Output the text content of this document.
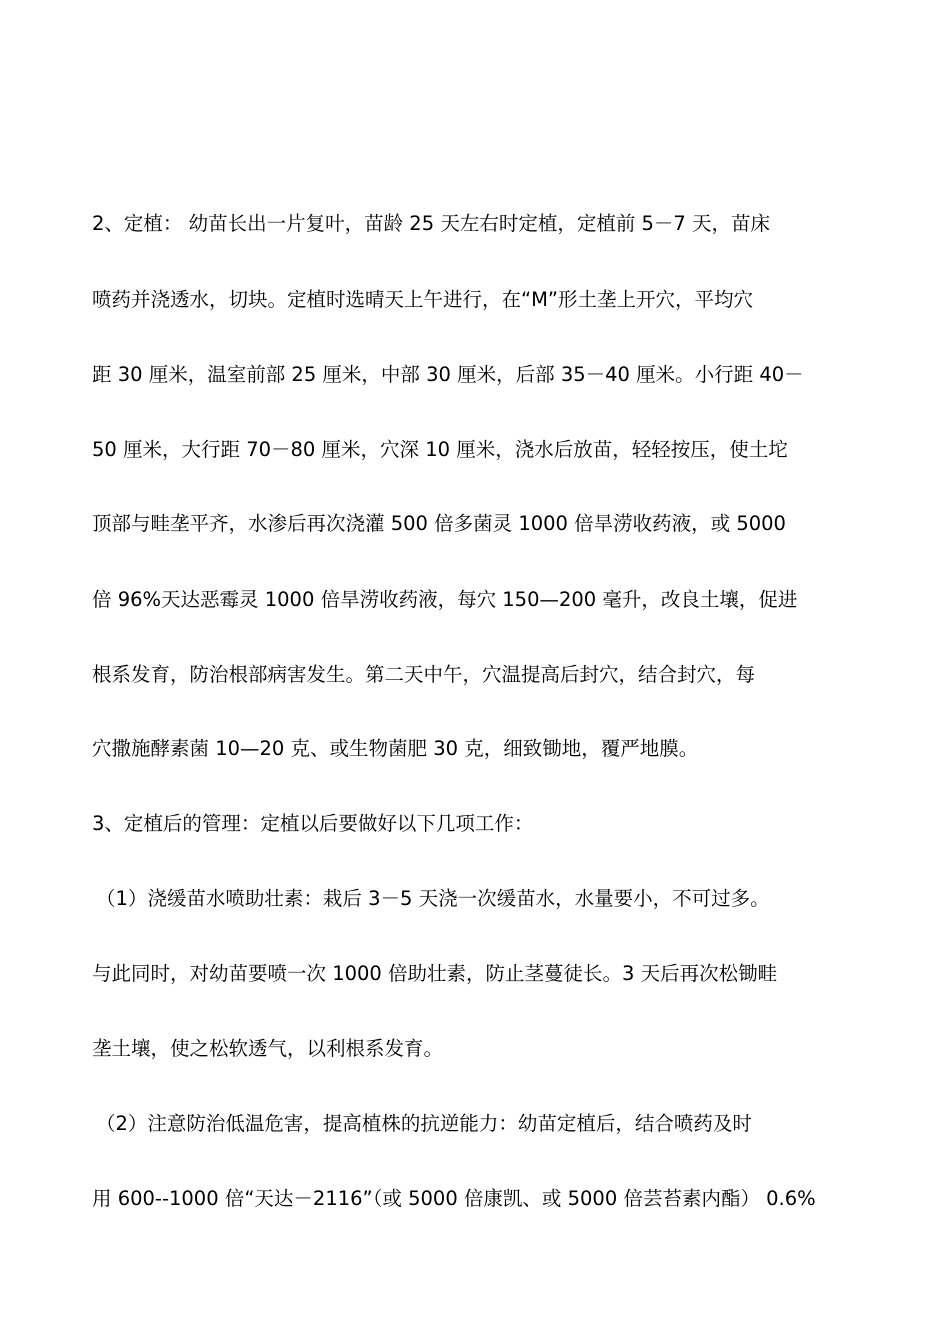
2、定植： 幼苗长出一片复叶，苗龄 25 天左右时定植，定植前 5－7 天，苗床
喷药并浇透水，切块。定植时选晴天上午进行，在“M”形土垄上开穴，平均穴
距 30 厘米，温室前部 25 厘米，中部 30 厘米，后部 35－40 厘米。小行距 40－
50 厘米，大行距 70－80 厘米，穴深 10 厘米，浇水后放苗，轻轻按压，使土坨
顶部与畦垄平齐，水渗后再次浇灌 500 倍多菌灵 1000 倍旱涝收药液，或 5000
倍 96%天达恶霉灵 1000 倍旱涝收药液，每穴 150—200 毫升，改良土壤，促进
根系发育，防治根部病害发生。第二天中午，穴温提高后封穴，结合封穴，每
穴撒施酵素菌 10—20 克、或生物菌肥 30 克，细致锄地，覆严地膜。
3、定植后的管理：定植以后要做好以下几项工作：
（1）浇缓苗水喷助壮素：栽后 3－5 天浇一次缓苗水，水量要小，不可过多。
与此同时，对幼苗要喷一次 1000 倍助壮素，防止茎蔓徒长。3 天后再次松锄畦
垄土壤，使之松软透气，以利根系发育。
（2）注意防治低温危害，提高植株的抗逆能力：幼苗定植后，结合喷药及时
用 600--1000 倍“天达－2116”（或 5000 倍康凯、或 5000 倍芸苔素内酯） 0.6%
